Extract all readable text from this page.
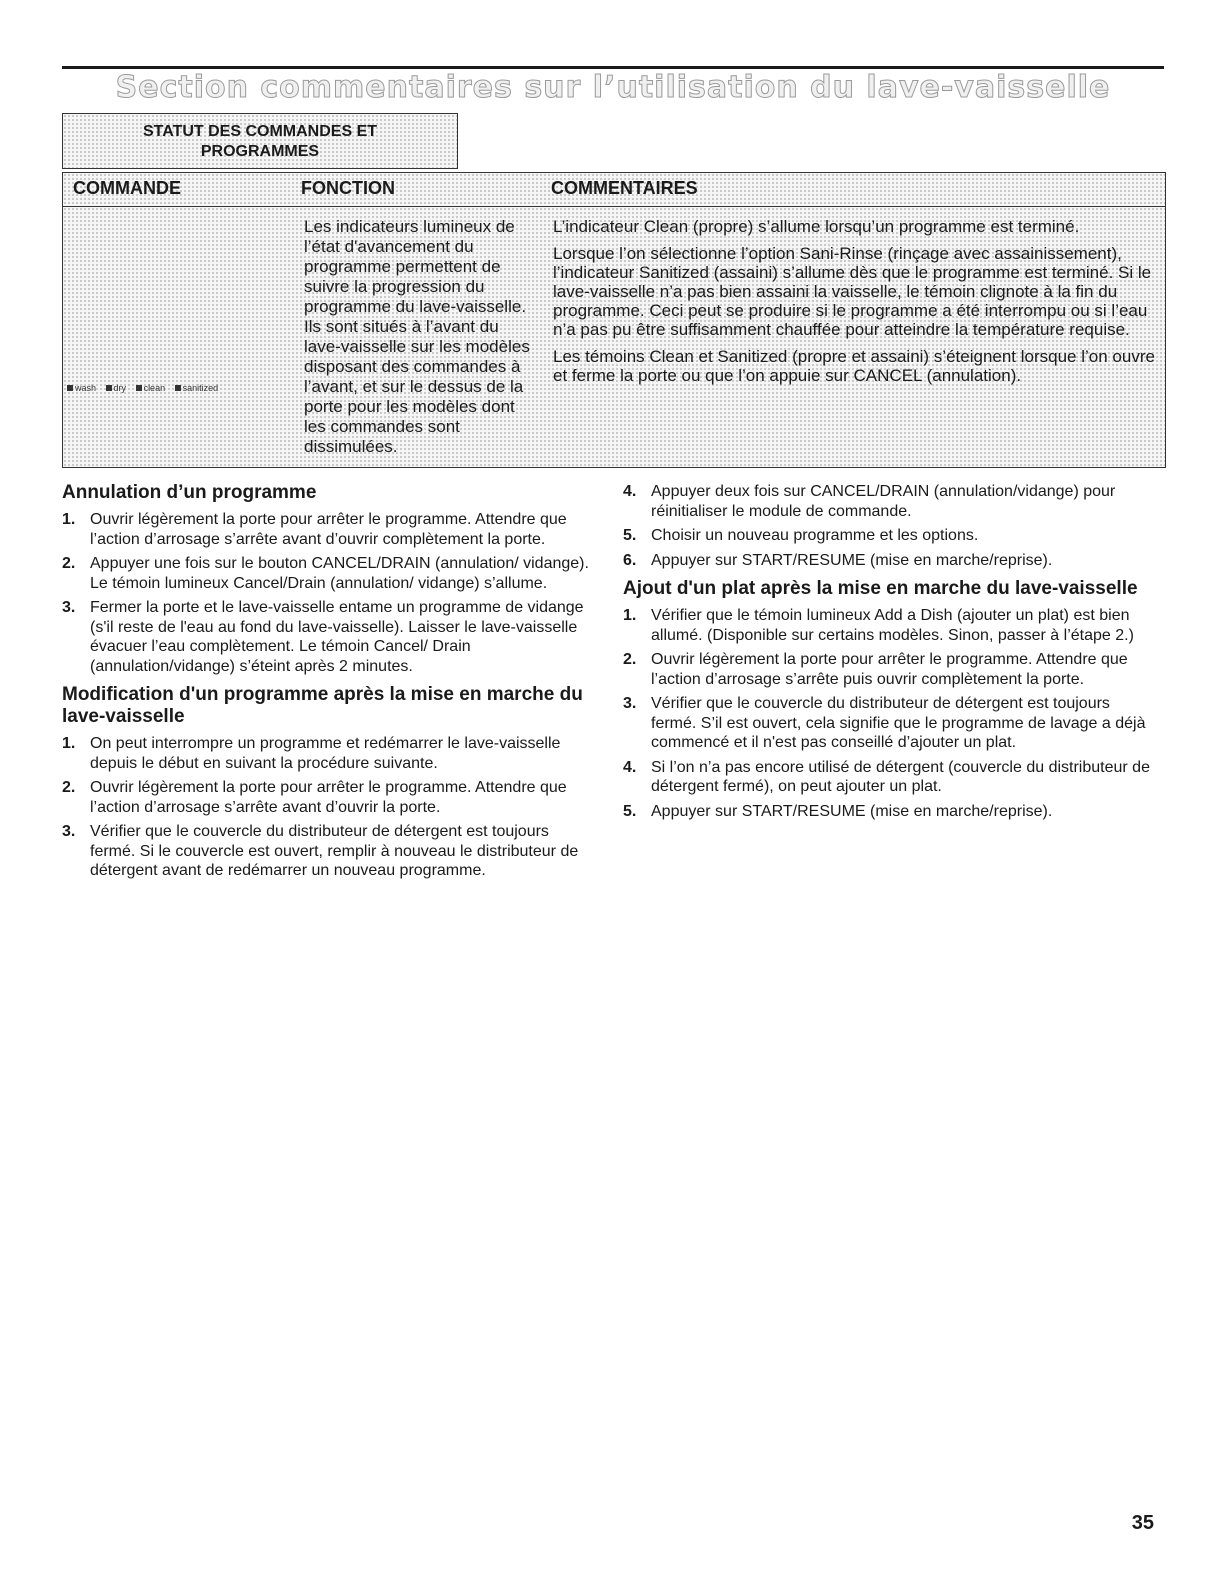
Section commentaires sur l’utilisation du lave-vaisselle
STATUT DES COMMANDES ET
PROGRAMMES
COMMANDE	FONCTION	COMMENTAIRES
wash dry clean sanitized
Les indicateurs lumineux de l’état d'avancement du programme permettent de suivre la progression du programme du lave-vaisselle. Ils sont situés à l’avant du lave-vaisselle sur les modèles disposant des commandes à l’avant, et sur le dessus de la porte pour les modèles dont les commandes sont dissimulées.

L’indicateur Clean (propre) s’allume lorsqu’un programme est terminé.

Lorsque l’on sélectionne l’option Sani-Rinse (rinçage avec assainissement), l’indicateur Sanitized (assaini) s’allume dès que le programme est terminé. Si le lave-vaisselle n’a pas bien assaini la vaisselle, le témoin clignote à la fin du programme. Ceci peut se produire si le programme a été interrompu ou si l’eau n’a pas pu être suffisamment chauffée pour atteindre la température requise.

Les témoins Clean et Sanitized (propre et assaini) s’éteignent lorsque l’on ouvre et ferme la porte ou que l’on appuie sur CANCEL (annulation).

Annulation d’un programme
1. Ouvrir légèrement la porte pour arrêter le programme. Attendre que l’action d’arrosage s’arrête avant d’ouvrir complètement la porte.
2. Appuyer une fois sur le bouton CANCEL/DRAIN (annulation/ vidange). Le témoin lumineux Cancel/Drain (annulation/ vidange) s’allume.
3. Fermer la porte et le lave-vaisselle entame un programme de vidange (s'il reste de l'eau au fond du lave-vaisselle). Laisser le lave-vaisselle évacuer l’eau complètement. Le témoin Cancel/ Drain (annulation/vidange) s’éteint après 2 minutes.
Modification d'un programme après la mise en marche du lave-vaisselle
1. On peut interrompre un programme et redémarrer le lave-vaisselle depuis le début en suivant la procédure suivante.
2. Ouvrir légèrement la porte pour arrêter le programme. Attendre que l’action d’arrosage s’arrête avant d’ouvrir la porte.
3. Vérifier que le couvercle du distributeur de détergent est toujours fermé. Si le couvercle est ouvert, remplir à nouveau le distributeur de détergent avant de redémarrer un nouveau programme.
4. Appuyer deux fois sur CANCEL/DRAIN (annulation/vidange) pour réinitialiser le module de commande.
5. Choisir un nouveau programme et les options.
6. Appuyer sur START/RESUME (mise en marche/reprise).
Ajout d'un plat après la mise en marche du lave-vaisselle
1. Vérifier que le témoin lumineux Add a Dish (ajouter un plat) est bien allumé. (Disponible sur certains modèles. Sinon, passer à l’étape 2.)
2. Ouvrir légèrement la porte pour arrêter le programme. Attendre que l’action d’arrosage s’arrête puis ouvrir complètement la porte.
3. Vérifier que le couvercle du distributeur de détergent est toujours fermé. S’il est ouvert, cela signifie que le programme de lavage a déjà commencé et il n'est pas conseillé d’ajouter un plat.
4. Si l’on n’a pas encore utilisé de détergent (couvercle du distributeur de détergent fermé), on peut ajouter un plat.
5. Appuyer sur START/RESUME (mise en marche/reprise).
35
